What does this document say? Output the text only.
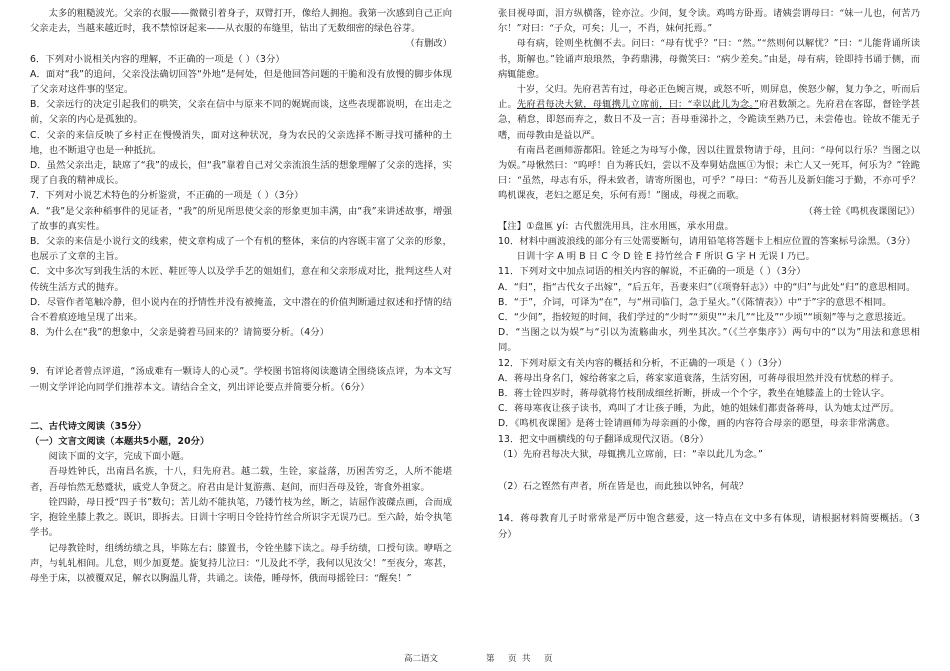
太多的粗糙波光。父亲的衣服——微微引着身子，双臂打开，像给人拥抱。我第一次感到自己正向父亲走去，当越来越近时，我不禁惊讶起来——从衣服的布缝里，钻出了无数细密的绿色谷芽。
（有删改）
6．下列对小说相关内容的理解，不正确的一项是（ ）（3分）
A．面对“我”的追问，父亲没法确切回答“外地”是何处，但是他回答问题的干脆和没有放慢的脚步体现了父亲对这件事的坚定。
B．父亲远行的决定引起我们的哄笑，父亲在信中与原来不同的娓娓而谈，这些表现都说明，在出走之前，父亲的内心是孤独的。
C．父亲的来信反映了乡村正在慢慢消失，面对这种状况，身为农民的父亲选择不断寻找可播种的土地，也不断退守也是一种抵抗。
D．虽然父亲出走，缺席了“我”的成长，但“我”靠着自己对父亲流浪生活的想象理解了父亲的选择，实现了自我的精神成长。
7．下列对小说艺术特色的分析鉴赏，不正确的一项是（ ）（3分）
A．“我”是父亲种稻事件的见证者，“我”的所见所思使父亲的形象更加丰满，由“我”来讲述故事，增强了故事的真实性。
B．父亲的来信是小说行文的线索，使文章构成了一个有机的整体，来信的内容既丰富了父亲的形象，也展示了文章的主旨。
C．文中多次写到我生活的木匠、鞋匠等人以及学手艺的姐姐们，意在和父亲形成对比，批判这些人对传统生活方式的抛弃。
D．尽管作者笔触冷静，但小说内在的抒情性并没有被掩盖，文中潜在的价值判断通过叙述和抒情的结合不着痕迹地呈现了出来。
8．为什么在“我”的想象中，父亲是骑着马回来的？请简要分析。（4分）
9．有评论者曾点评道，“汤成难有一颗诗人的心灵”。学校图书馆将阅读邀请全围绕该点评，为本文写一则文学评论向同学们推荐本文。请结合全文，列出评论要点并简要分析。（6分）
二、古代诗文阅读（35分）
（一）文言文阅读（本题共5小题，20分）
阅读下面的文字，完成下面小题。
吾母姓钟氏，出南昌名族，十八，归先府君。越二载，生铨，家益落，历困苦穷乏，人所不能堪者，吾母怡然无愁蹙状，戚党人争贤之。府君由是计复游燕、赵间，而归吾母及铨，寄食外祖家。
铨四龄，母日授“四子书”数句；苦儿幼不能执笔，乃镂竹枝为丝，断之，诘屈作波磔点画，合而成字，抱铨坐膝上教之。既识，即拆去。日训十字明日令铨持竹丝合所识字无误乃已。至六龄，始令执笔学书。
记母教铨时，组绣纺绩之具，毕陈左右；膝置书，令铨坐膝下读之。母手纺绩，口授句读。咿唔之声，与轧轧相间。儿怠，则少加夏楚。旋复持儿泣曰：“儿及此不学，我何以见汝父！”至夜分，寒甚，母坐于床，以被覆双足，解衣以胸温儿背，共诵之。读倦，睡母怀，俄而母摇铨曰：“醒矣！”
张目视母面，泪方纵横落，铨亦泣。少间，复令读。鸡鸣方卧焉。诸姨尝谓母曰：“妹一儿也，何苦乃尔！”对曰：“子众，可矣；儿一，不肖，妹何托焉。”
母有病，铨则坐枕侧不去。问曰：“母有忧乎？”曰：“然。”“然则何以解忧？”曰：“儿能背诵所读书，斯解也。”铨诵声琅琅然，争药鼎沸，母微笑曰：“病少差矣。”由是，母有病，铨即持书诵于侧，而病辄能愈。
十岁，父归。先府君苦有过，母必正色婉言规，或怒不听，则屏息，俟怒少解，复力争之，听而后止。先府君每决大狱，母辄携儿立席前，曰：“幸以此儿为念。”府君数颔之。先府君在客邸，督铨学甚急，稍怠，即怒而弃之，数日不及一言；吾母垂涕扑之，令跪读至熟乃已，未尝倦也。铨故不能无子嗜，而母教由是益以严。
有南昌老画师游都阳。铨延之为母写小像，因以往置景物请于母，且问：“母何以行乐？当图之以为娱。”母愀然曰：“呜呼！自为蒋氏妇，尝以不及奉舅姑盘匜①为恨；未亡人又一死耳，何乐为？”铨跪曰：“虽然，母志有乐，得未致者，请寄所图也，可乎？”母曰：“苟吾儿及新妇能习于勤，不亦可乎？鸣机课夜，老妇之愿足矣，乐何有焉！”图成，母视之而歌。
（蒋士铨《鸣机夜课图记》）
【注】①盘匜 yí：古代盥洗用具，注水用匜，承水用盘。
10．材料中画波浪线的部分有三处需要断句，请用铅笔将答题卡上相应位置的答案标号涂黑。（3分）
日训十字 A 明 B 日 C 令 D 铨 E 持竹丝合 F 所识 G 字 H 无误 I 乃已。
11．下列对文中加点词语的相关内容的解说，不正确的一项是（ ）（3分）
A．“归”，指“古代女子出嫁”，“后五年，吾妻来归”（《项脊轩志》）中的“归”与此处“归”的意思相同。
B．“于”，介词，可译为“在”，与“州司临门，急于星火。”（《陈情表》）中“于”字的意思不相同。
C．“少间”，指较短的时间，我们学过的“少时”“须臾”“未几”“比及”“少顷”“顷刻”等与之意思接近。
D．“当图之以为娱”与“引以为流觞曲水，列坐其次。”（《兰亭集序》）两句中的“以为”用法和意思相同。
12．下列对原文有关内容的概括和分析，不正确的一项是（ ）（3分）
A．蒋母出身名门，嫁给蒋家之后，蒋家家道衰落，生活穷困，可蒋母很坦然并没有忧愁的样子。
B．蒋士铨四岁时，蒋母就将竹枝削成细丝折断，拼成一个个字，教坐在她膝盖上的士铨认字。
C．蒋母寒夜让孩子读书，鸡叫了才让孩子睡，为此，她的姐妹们都责备蒋母，认为她太过严厉。
D．《鸣机夜课图》是蒋士铨请画师为母亲画的小像，画的内容符合母亲的愿望，母亲非常满意。
13．把文中画横线的句子翻译成现代汉语。（8分）
（1）先府君每决大狱，母辄携儿立席前，曰：“幸以此儿为念。”
（2）石之铿然有声者，所在皆是也，而此独以钟名，何哉？
14．蒋母教育儿子时常常是严厉中饱含慈爱，这一特点在文中多有体现，请根据材料简要概括。（3分）
高二语文	第 页 共 页
